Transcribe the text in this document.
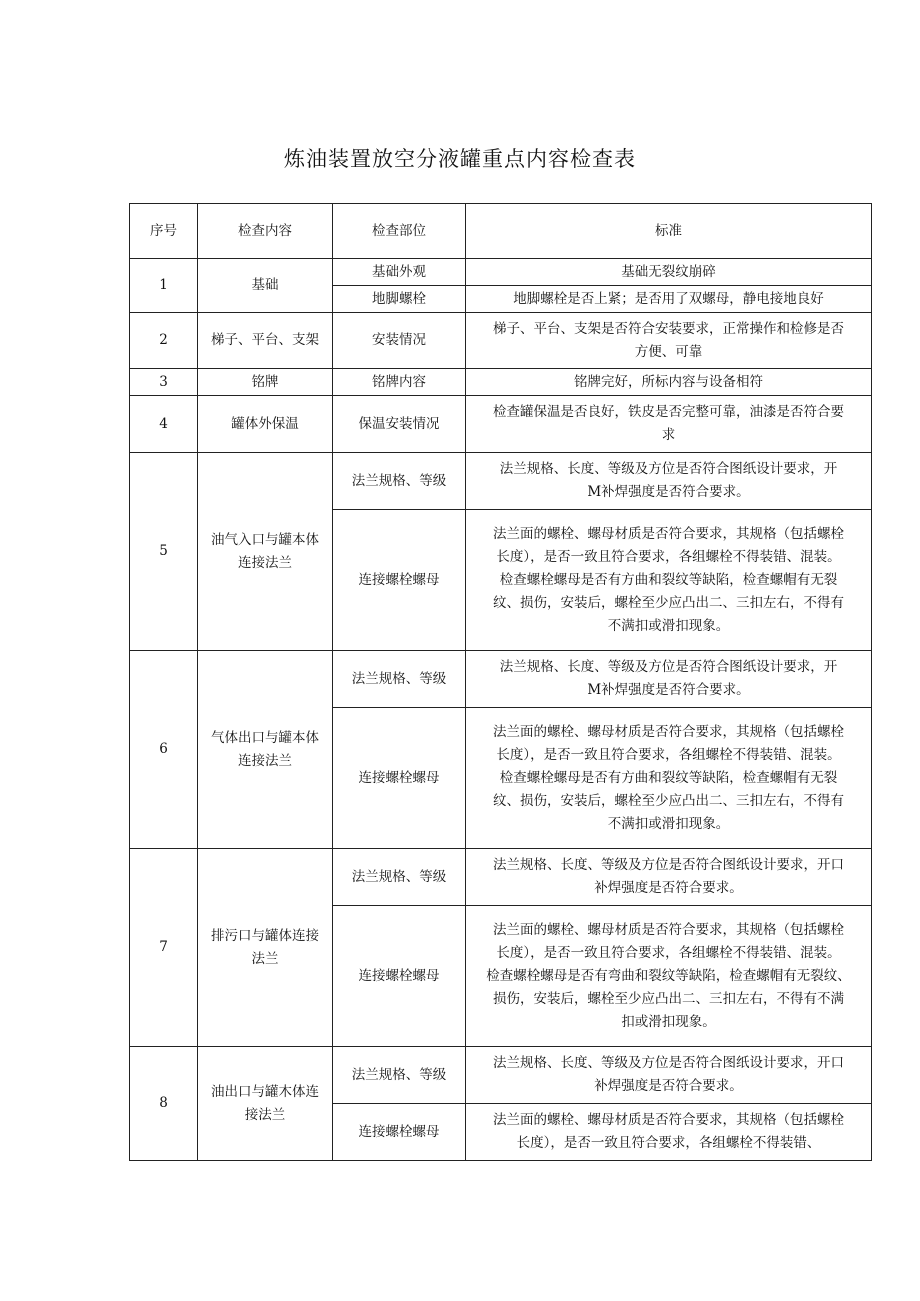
炼油装置放空分液罐重点内容检查表
序号	检查内容	检查部位	标准
1	基础	基础外观	基础无裂纹崩碎

		地脚螺栓	地脚螺栓是否上紧；是否用了双螺母，静电接地良好

2	梯子、平台、支架	安装情况	梯子、平台、支架是否符合安装要求，正常操作和检修是否
方便、可靠

3	铭牌	铭牌内容	铭牌完好，所标内容与设备相符

4	罐体外保温	保温安装情况	检查罐保温是否良好，铁皮是否完整可靠，油漆是否符合要
求

5	油气入口与罐本体
连接法兰	法兰规格、等级	法兰规格、长度、等级及方位是否符合图纸设计要求，开
M补焊强度是否符合要求。

		连接螺栓螺母	法兰面的螺栓、螺母材质是否符合要求，其规格（包括螺栓
长度），是否一致且符合要求，各组螺栓不得装错、混装。
检查螺栓螺母是否有方曲和裂纹等缺陷，检查螺帽有无裂
纹、损伤，安装后，螺栓至少应凸出二、三扣左右，不得有
不满扣或滑扣现象。

6	气体出口与罐本体
连接法兰	法兰规格、等级	法兰规格、长度、等级及方位是否符合图纸设计要求，开
M补焊强度是否符合要求。

		连接螺栓螺母	法兰面的螺栓、螺母材质是否符合要求，其规格（包括螺栓
长度），是否一致且符合要求，各组螺栓不得装错、混装。
检查螺栓螺母是否有方曲和裂纹等缺陷，检查螺帽有无裂
纹、损伤，安装后，螺栓至少应凸出二、三扣左右，不得有
不满扣或滑扣现象。

7	排污口与罐体连接
法兰	法兰规格、等级	法兰规格、长度、等级及方位是否符合图纸设计要求，开口
补焊强度是否符合要求。

		连接螺栓螺母	法兰面的螺栓、螺母材质是否符合要求，其规格（包括螺栓
长度），是否一致且符合要求，各组螺栓不得装错、混装。
检查螺栓螺母是否有弯曲和裂纹等缺陷，检查螺帽有无裂纹、
损伤，安装后，螺栓至少应凸出二、三扣左右，不得有不满
扣或滑扣现象。

8	油出口与罐木体连
接法兰	法兰规格、等级	法兰规格、长度、等级及方位是否符合图纸设计要求，开口
补焊强度是否符合要求。

		连接螺栓螺母	法兰面的螺栓、螺母材质是否符合要求，其规格（包括螺栓
长度），是否一致且符合要求，各组螺栓不得装错、
